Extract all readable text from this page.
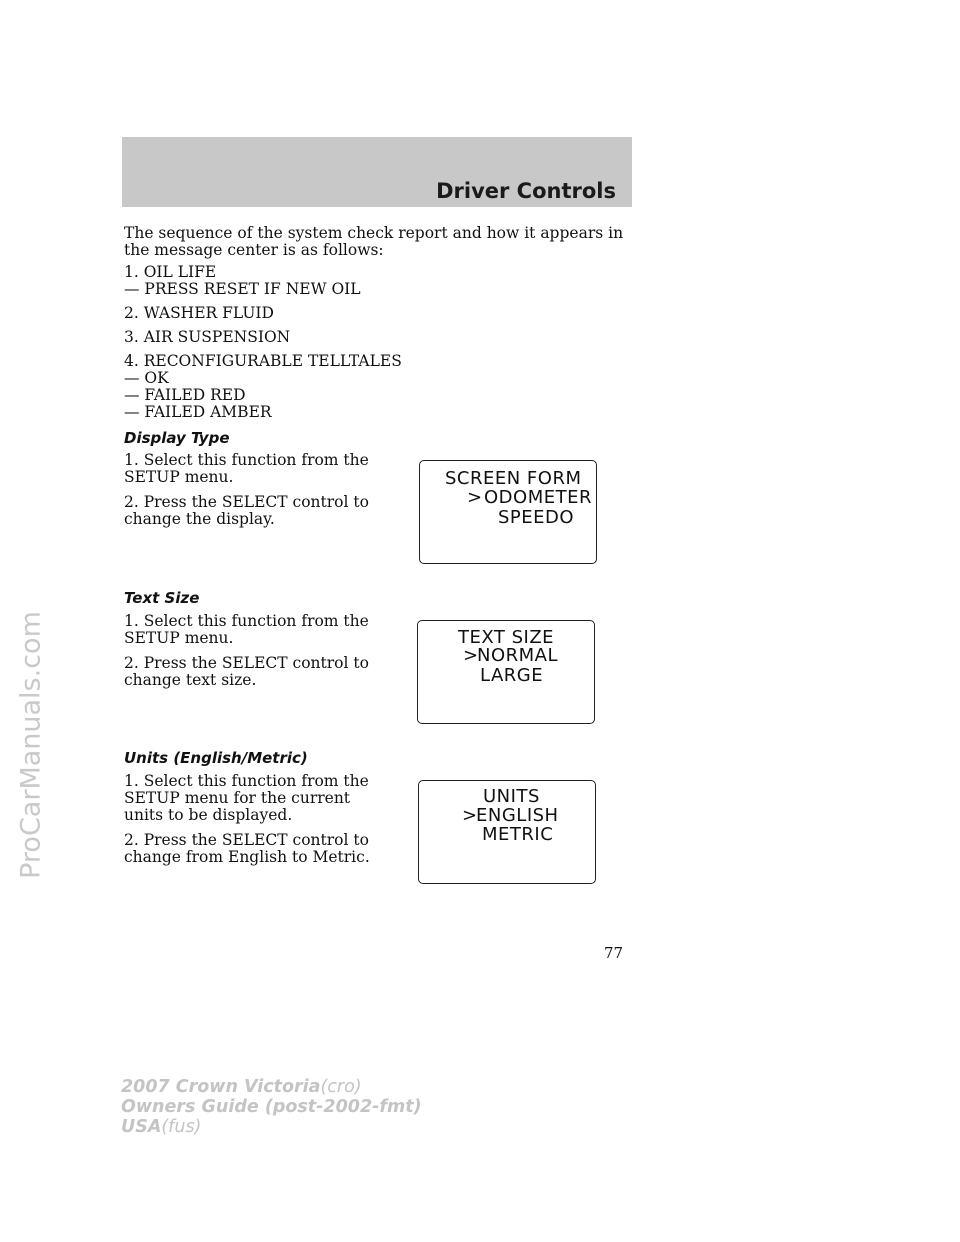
ProCarManuals.com
Driver Controls
The sequence of the system check report and how it appears in the message center is as follows:
1. OIL LIFE
— PRESS RESET IF NEW OIL
2. WASHER FLUID
3. AIR SUSPENSION
4. RECONFIGURABLE TELLTALES
— OK
— FAILED RED
— FAILED AMBER
Display Type

1. Select this function from the SETUP menu.

2. Press the SELECT control to change the display.

SCREEN FORM
> ODOMETER
SPEEDO
Text Size

1. Select this function from the SETUP menu.

2. Press the SELECT control to change text size.

TEXT SIZE
>
NORMAL
LARGE
Units (English/Metric)

1. Select this function from the SETUP menu for the current units to be displayed.

2. Press the SELECT control to change from English to Metric.

UNITS
>
ENGLISH
METRIC
77
2007 Crown Victoria(cro)
Owners Guide (post-2002-fmt)
USA(fus)
